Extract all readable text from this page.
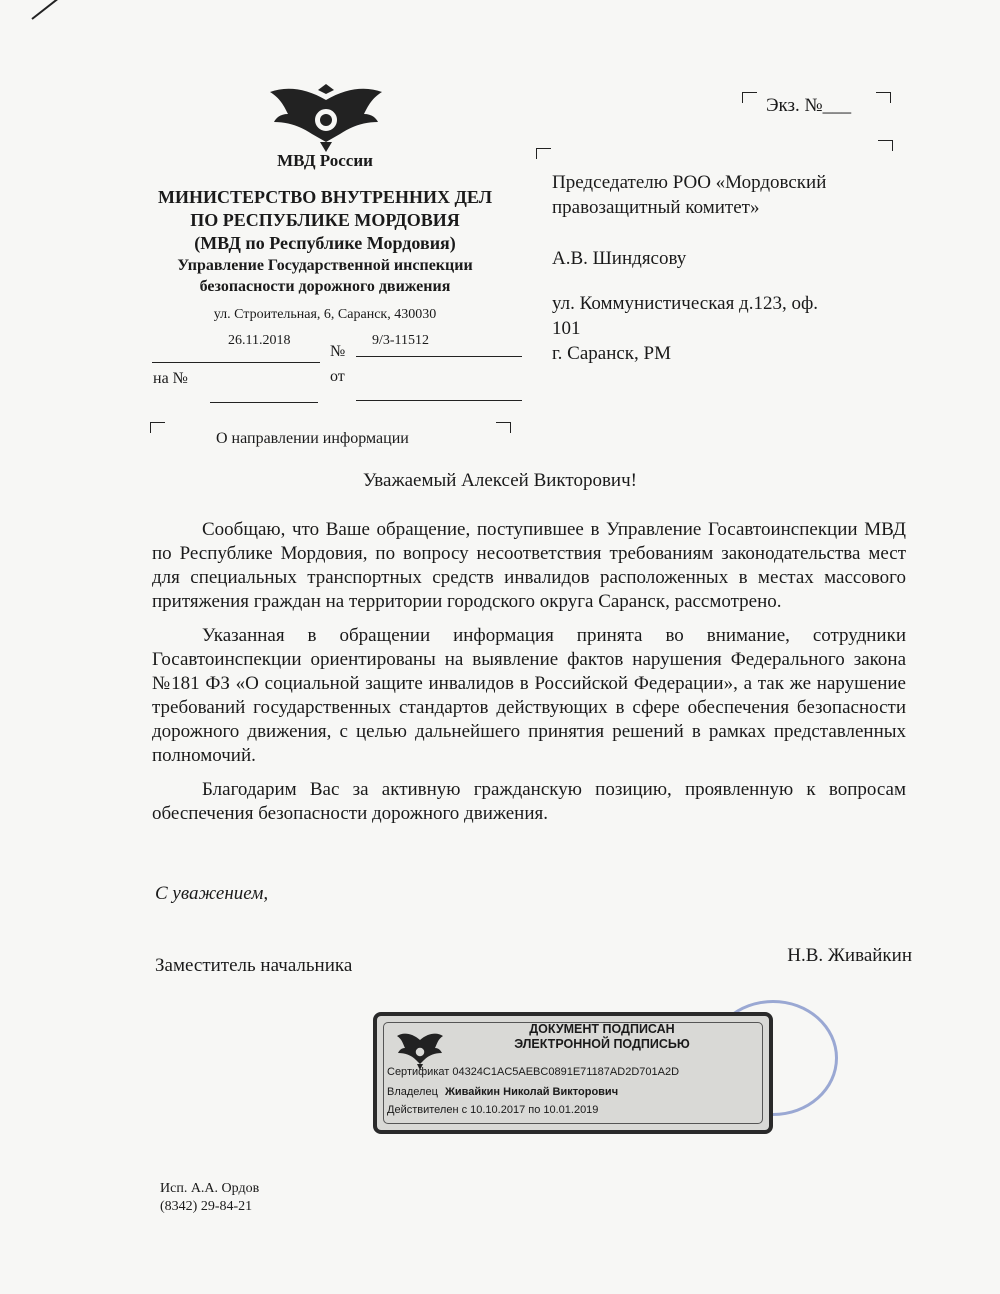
Экз. №___
МВД России
МИНИСТЕРСТВО ВНУТРЕННИХ ДЕЛ
ПО РЕСПУБЛИКЕ МОРДОВИЯ
(МВД по Республике Мордовия)
Управление Государственной инспекции
безопасности дорожного движения
ул. Строительная, 6, Саранск, 430030
26.11.2018
№
9/3-11512
на №	от
О направлении информации

Председателю РОО «Мордовский

правозащитный комитет»

А.В. Шиндясову

ул. Коммунистическая д.123, оф.

101

г. Саранск, РМ

Уважаемый Алексей Викторович!

Сообщаю, что Ваше обращение, поступившее в Управление Госавтоинспекции МВД по Республике Мордовия, по вопросу несоответствия требованиям законодательства мест для специальных транспортных средств инвалидов расположенных в местах массового притяжения граждан на территории городского округа Саранск, рассмотрено.

Указанная в обращении информация принята во внимание, сотрудники Госавтоинспекции ориентированы на выявление фактов нарушения Федерального закона №181 ФЗ «О социальной защите инвалидов в Российской Федерации», а так же нарушение требований государственных стандартов действующих в сфере обеспечения безопасности дорожного движения, с целью дальнейшего принятия решений в рамках представленных полномочий.

Благодарим Вас за активную гражданскую позицию, проявленную к вопросам обеспечения безопасности дорожного движения.

С уважением,
Заместитель начальника	Н.В. Живайкин
ДОКУМЕНТ ПОДПИСАН
ЭЛЕКТРОННОЙ ПОДПИСЬЮ
Сертификат 04324C1AC5AEBC0891E71187AD2D701A2D
Владелец Живайкин Николай Викторович
Действителен с 10.10.2017 по 10.01.2019
Исп. А.А. Ордов
(8342) 29-84-21
